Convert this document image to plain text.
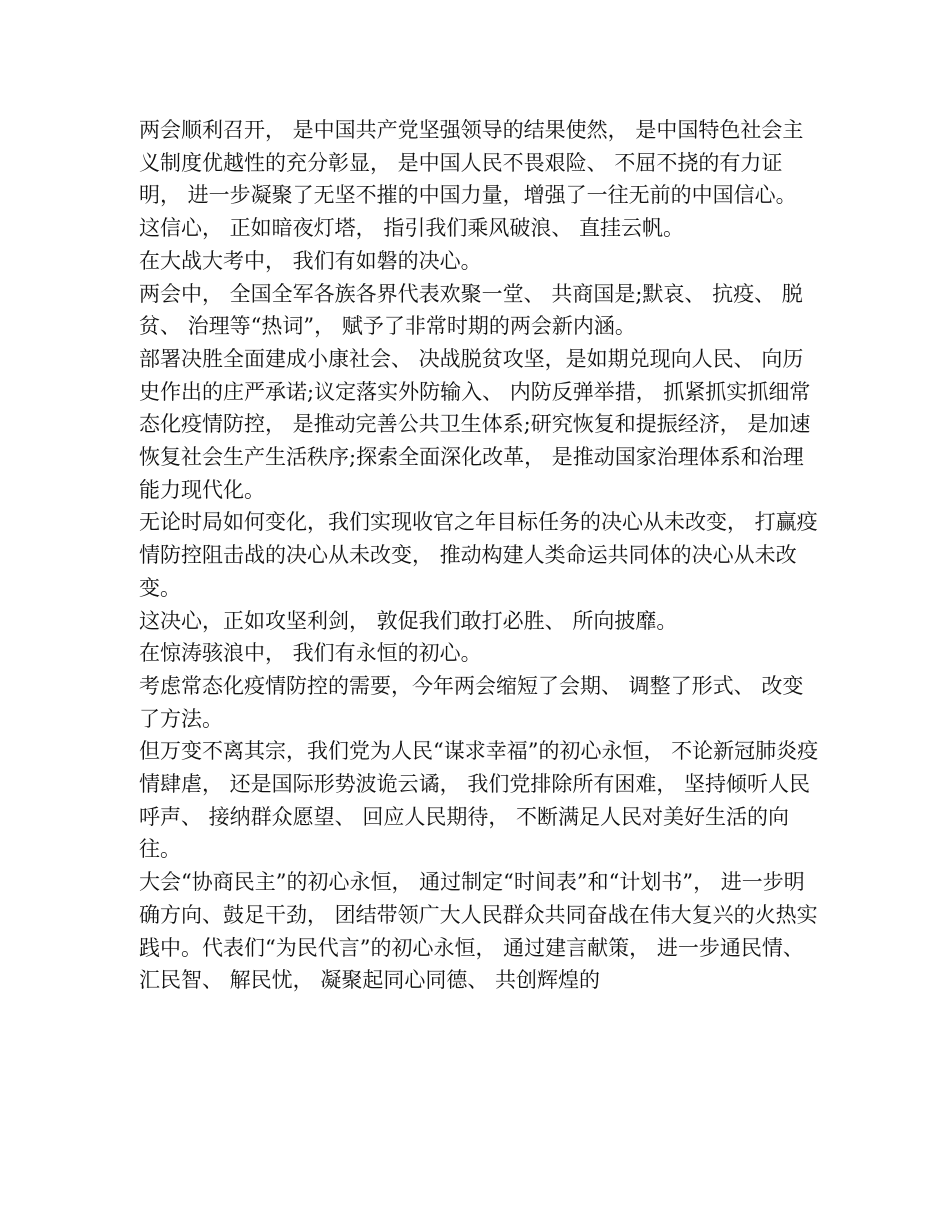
两会顺利召开， 是中国共产党坚强领导的结果使然， 是中国特色社会主义制度优越性的充分彰显， 是中国人民不畏艰险、 不屈不挠的有力证明， 进一步凝聚了无坚不摧的中国力量，增强了一往无前的中国信心。

这信心， 正如暗夜灯塔， 指引我们乘风破浪、 直挂云帆。

在大战大考中， 我们有如磐的决心。

两会中， 全国全军各族各界代表欢聚一堂、 共商国是;默哀、 抗疫、 脱贫、 治理等“热词”， 赋予了非常时期的两会新内涵。

部署决胜全面建成小康社会、 决战脱贫攻坚，是如期兑现向人民、 向历史作出的庄严承诺;议定落实外防输入、 内防反弹举措， 抓紧抓实抓细常态化疫情防控， 是推动完善公共卫生体系;研究恢复和提振经济， 是加速恢复社会生产生活秩序;探索全面深化改革， 是推动国家治理体系和治理能力现代化。

无论时局如何变化，我们实现收官之年目标任务的决心从未改变， 打赢疫情防控阻击战的决心从未改变， 推动构建人类命运共同体的决心从未改变。

这决心，正如攻坚利剑， 敦促我们敢打必胜、 所向披靡。

在惊涛骇浪中， 我们有永恒的初心。

考虑常态化疫情防控的需要，今年两会缩短了会期、 调整了形式、 改变了方法。

但万变不离其宗，我们党为人民“谋求幸福”的初心永恒， 不论新冠肺炎疫情肆虐， 还是国际形势波诡云谲， 我们党排除所有困难， 坚持倾听人民呼声、 接纳群众愿望、 回应人民期待， 不断满足人民对美好生活的向往。

大会“协商民主”的初心永恒， 通过制定“时间表”和“计划书”， 进一步明确方向、鼓足干劲， 团结带领广大人民群众共同奋战在伟大复兴的火热实践中。代表们“为民代言”的初心永恒， 通过建言献策， 进一步通民情、 汇民智、 解民忧， 凝聚起同心同德、 共创辉煌的
